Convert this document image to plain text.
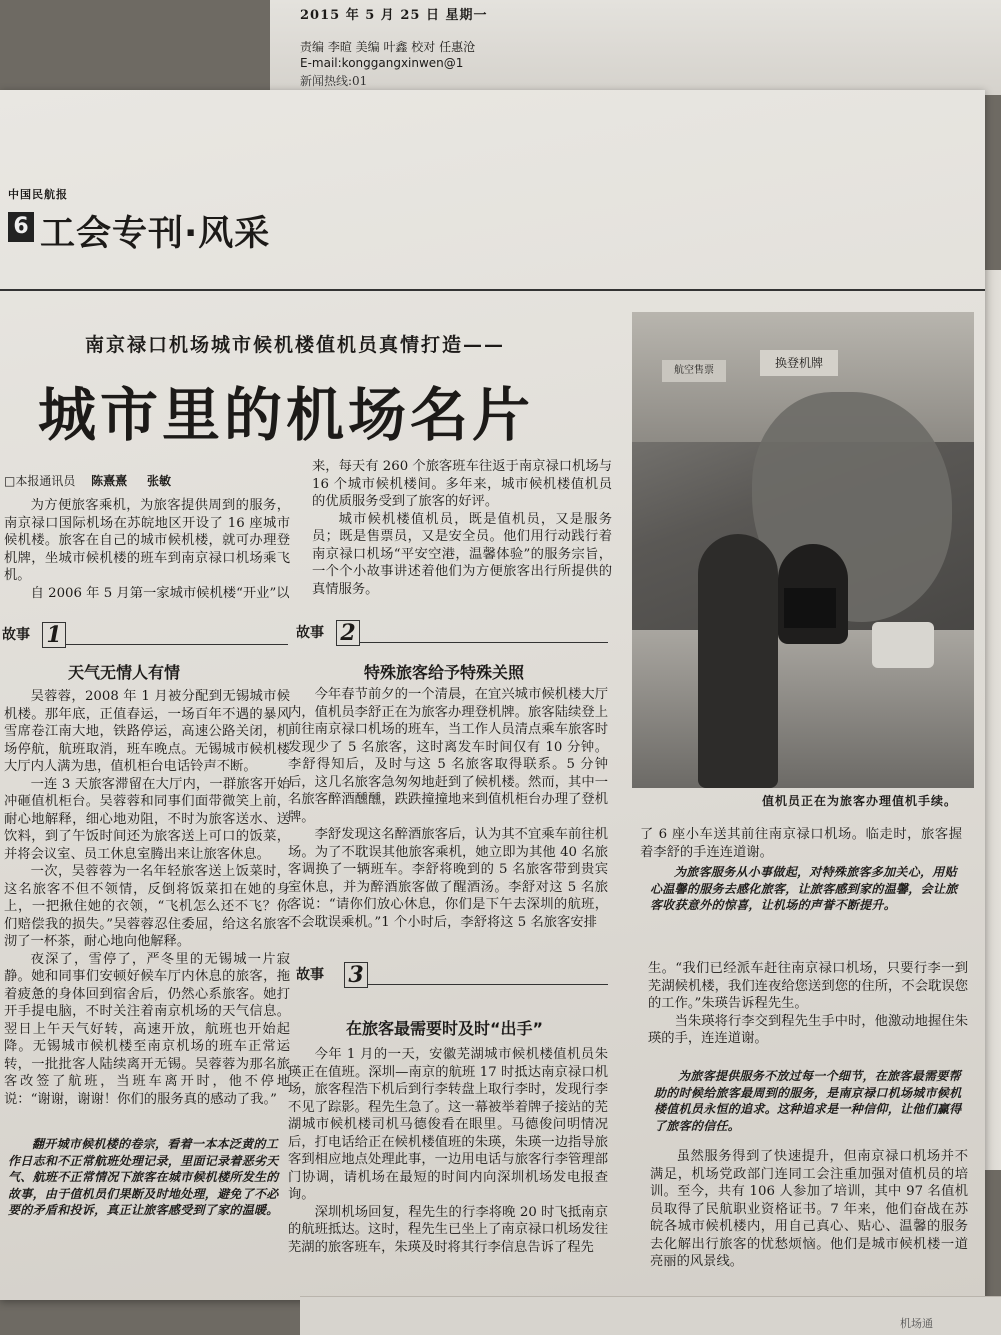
2015 年 5 月 25 日 星期一
责编 李暄 美编 叶鑫 校对 任惠沧
E-mail:konggangxinwen@1
新闻热线:01
中国民航报
6 工会专刊·风采
南京禄口机场城市候机楼值机员真情打造——
城市里的机场名片
□本报通讯员 陈熹熹 张敏

为方便旅客乘机，为旅客提供周到的服务，南京禄口国际机场在苏皖地区开设了 16 座城市候机楼。旅客在自己的城市候机楼，就可办理登机牌，坐城市候机楼的班车到南京禄口机场乘飞机。

自 2006 年 5 月第一家城市候机楼“开业”以

来，每天有 260 个旅客班车往返于南京禄口机场与 16 个城市候机楼间。多年来，城市候机楼值机员的优质服务受到了旅客的好评。

城市候机楼值机员，既是值机员，又是服务员；既是售票员，又是安全员。他们用行动践行着南京禄口机场“平安空港，温馨体验”的服务宗旨，一个个小故事讲述着他们为方便旅客出行所提供的真情服务。

故事 1
天气无情人有情

吴蓉蓉，2008 年 1 月被分配到无锡城市候机楼。那年底，正值春运，一场百年不遇的暴风雪席卷江南大地，铁路停运，高速公路关闭，机场停航，航班取消，班车晚点。无锡城市候机楼大厅内人满为患，值机柜台电话铃声不断。

一连 3 天旅客滞留在大厅内，一群旅客开始冲砸值机柜台。吴蓉蓉和同事们面带微笑上前，耐心地解释，细心地劝阻，不时为旅客送水、送饮料，到了午饭时间还为旅客送上可口的饭菜，并将会议室、员工休息室腾出来让旅客休息。

一次，吴蓉蓉为一名年轻旅客送上饭菜时，这名旅客不但不领情，反倒将饭菜扣在她的身上，一把揪住她的衣领，“飞机怎么还不飞？你们赔偿我的损失。”吴蓉蓉忍住委屈，给这名旅客沏了一杯茶，耐心地向他解释。

夜深了，雪停了，严冬里的无锡城一片寂静。她和同事们安顿好候车厅内休息的旅客，拖着疲惫的身体回到宿舍后，仍然心系旅客。她打开手提电脑，不时关注着南京机场的天气信息。翌日上午天气好转，高速开放，航班也开始起降。无锡城市候机楼至南京机场的班车正常运转，一批批客人陆续离开无锡。吴蓉蓉为那名旅客改签了航班，当班车离开时，他不停地说：“谢谢，谢谢！你们的服务真的感动了我。”

翻开城市候机楼的卷宗，看着一本本泛黄的工作日志和不正常航班处理记录，里面记录着恶劣天气、航班不正常情况下旅客在城市候机楼所发生的故事，由于值机员们果断及时地处理，避免了不必要的矛盾和投诉，真正让旅客感受到了家的温暖。

故事 2
特殊旅客给予特殊关照

今年春节前夕的一个清晨，在宜兴城市候机楼大厅内，值机员李舒正在为旅客办理登机牌。旅客陆续登上前往南京禄口机场的班车，当工作人员清点乘车旅客时发现少了 5 名旅客，这时离发车时间仅有 10 分钟。李舒得知后，及时与这 5 名旅客取得联系。5 分钟后，这几名旅客急匆匆地赶到了候机楼。然而，其中一名旅客醉酒醺醺，跌跌撞撞地来到值机柜台办理了登机牌。

李舒发现这名醉酒旅客后，认为其不宜乘车前往机场。为了不耽误其他旅客乘机，她立即为其他 40 名旅客调换了一辆班车。李舒将晚到的 5 名旅客带到贵宾室休息，并为醉酒旅客做了醒酒汤。李舒对这 5 名旅客说：“请你们放心休息，你们是下午去深圳的航班，不会耽误乘机。”1 个小时后，李舒将这 5 名旅客安排

航空售票
换登机牌
值机员正在为旅客办理值机手续。

了 6 座小车送其前往南京禄口机场。临走时，旅客握着李舒的手连连道谢。

为旅客服务从小事做起，对特殊旅客多加关心，用贴心温馨的服务去感化旅客，让旅客感到家的温馨，会让旅客收获意外的惊喜，让机场的声誉不断提升。

故事 3
在旅客最需要时及时“出手”

今年 1 月的一天，安徽芜湖城市候机楼值机员朱瑛正在值班。深圳—南京的航班 17 时抵达南京禄口机场，旅客程浩下机后到行李转盘上取行李时，发现行李不见了踪影。程先生急了。这一幕被举着牌子接站的芜湖城市候机楼司机马德俊看在眼里。马德俊问明情况后，打电话给正在候机楼值班的朱瑛，朱瑛一边指导旅客到相应地点处理此事，一边用电话与旅客行李管理部门协调，请机场在最短的时间内向深圳机场发电报查询。

深圳机场回复，程先生的行李将晚 20 时飞抵南京的航班抵达。这时，程先生已坐上了南京禄口机场发往芜湖的旅客班车，朱瑛及时将其行李信息告诉了程先

生。“我们已经派车赶往南京禄口机场，只要行李一到芜湖候机楼，我们连夜给您送到您的住所，不会耽误您的工作。”朱瑛告诉程先生。

当朱瑛将行李交到程先生手中时，他激动地握住朱瑛的手，连连道谢。

为旅客提供服务不放过每一个细节，在旅客最需要帮助的时候给旅客最周到的服务，是南京禄口机场城市候机楼值机员永恒的追求。这种追求是一种信仰，让他们赢得了旅客的信任。

虽然服务得到了快速提升，但南京禄口机场并不满足，机场党政部门连同工会注重加强对值机员的培训。至今，共有 106 人参加了培训，其中 97 名值机员取得了民航职业资格证书。7 年来，他们奋战在苏皖各城市候机楼内，用自己真心、贴心、温馨的服务去化解出行旅客的忧愁烦恼。他们是城市候机楼一道亮丽的风景线。

机场通
